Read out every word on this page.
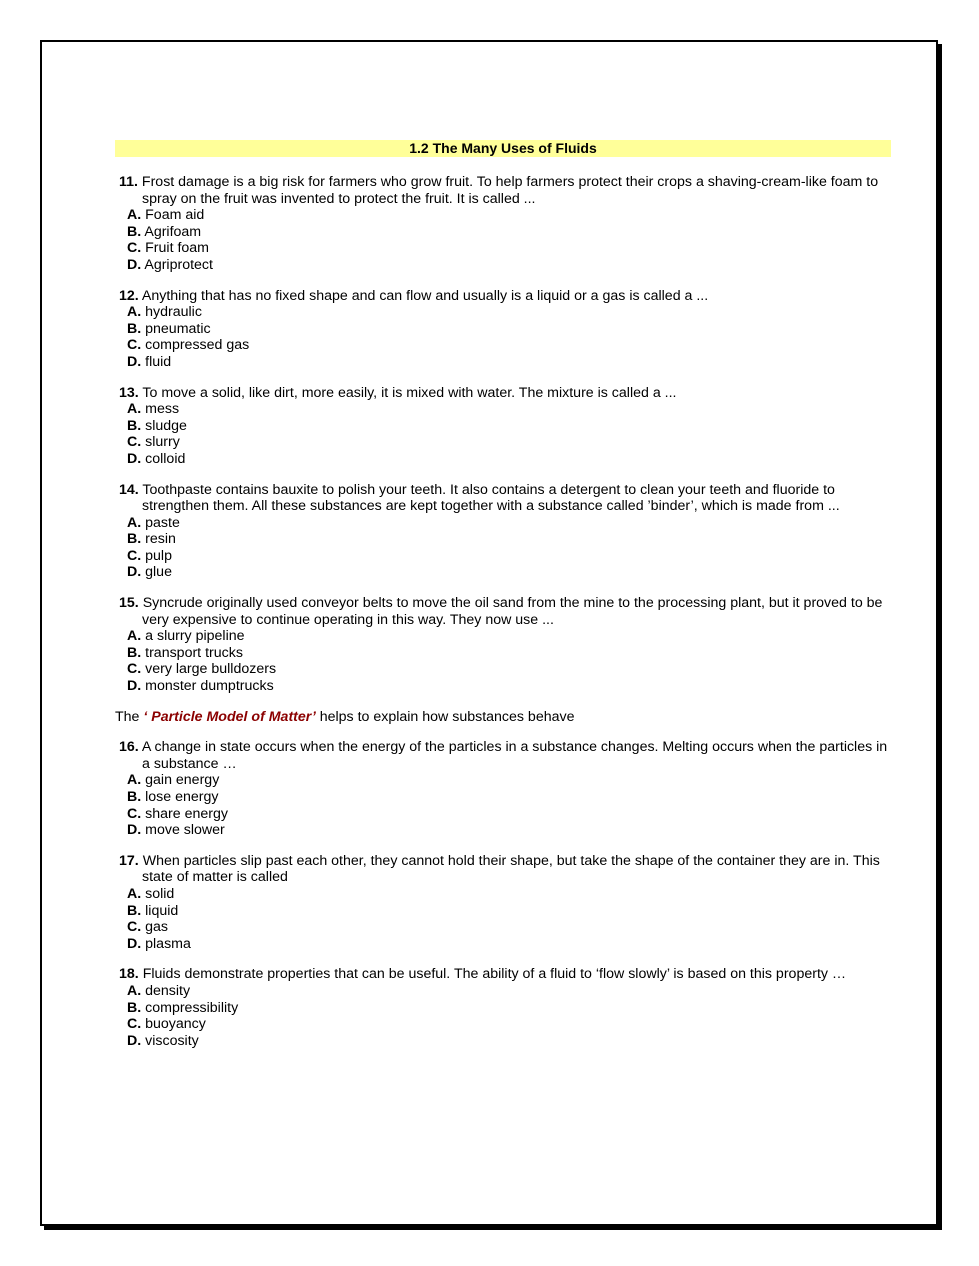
1.2 The Many Uses of Fluids
11. Frost damage is a big risk for farmers who grow fruit. To help farmers protect their crops a shaving-cream-like foam to spray on the fruit was invented to protect the fruit. It is called ...
A. Foam aid
B. Agrifoam
C. Fruit foam
D. Agriprotect
12. Anything that has no fixed shape and can flow and usually is a liquid or a gas is called a ...
A. hydraulic
B. pneumatic
C. compressed gas
D. fluid
13. To move a solid, like dirt, more easily, it is mixed with water. The mixture is called a ...
A. mess
B. sludge
C. slurry
D. colloid
14. Toothpaste contains bauxite to polish your teeth. It also contains a detergent to clean your teeth and fluoride to strengthen them. All these substances are kept together with a substance called ’binder’, which is made from ...
A. paste
B. resin
C. pulp
D. glue
15. Syncrude originally used conveyor belts to move the oil sand from the mine to the processing plant, but it proved to be very expensive to continue operating in this way. They now use ...
A. a slurry pipeline
B. transport trucks
C. very large bulldozers
D. monster dumptrucks
The ‘ Particle Model of Matter’ helps to explain how substances behave
16. A change in state occurs when the energy of the particles in a substance changes. Melting occurs when the particles in a substance …
A. gain energy
B. lose energy
C. share energy
D. move slower
17. When particles slip past each other, they cannot hold their shape, but take the shape of the container they are in. This state of matter is called
A. solid
B. liquid
C. gas
D. plasma
18. Fluids demonstrate properties that can be useful. The ability of a fluid to ‘flow slowly’ is based on this property …
A. density
B. compressibility
C. buoyancy
D. viscosity
